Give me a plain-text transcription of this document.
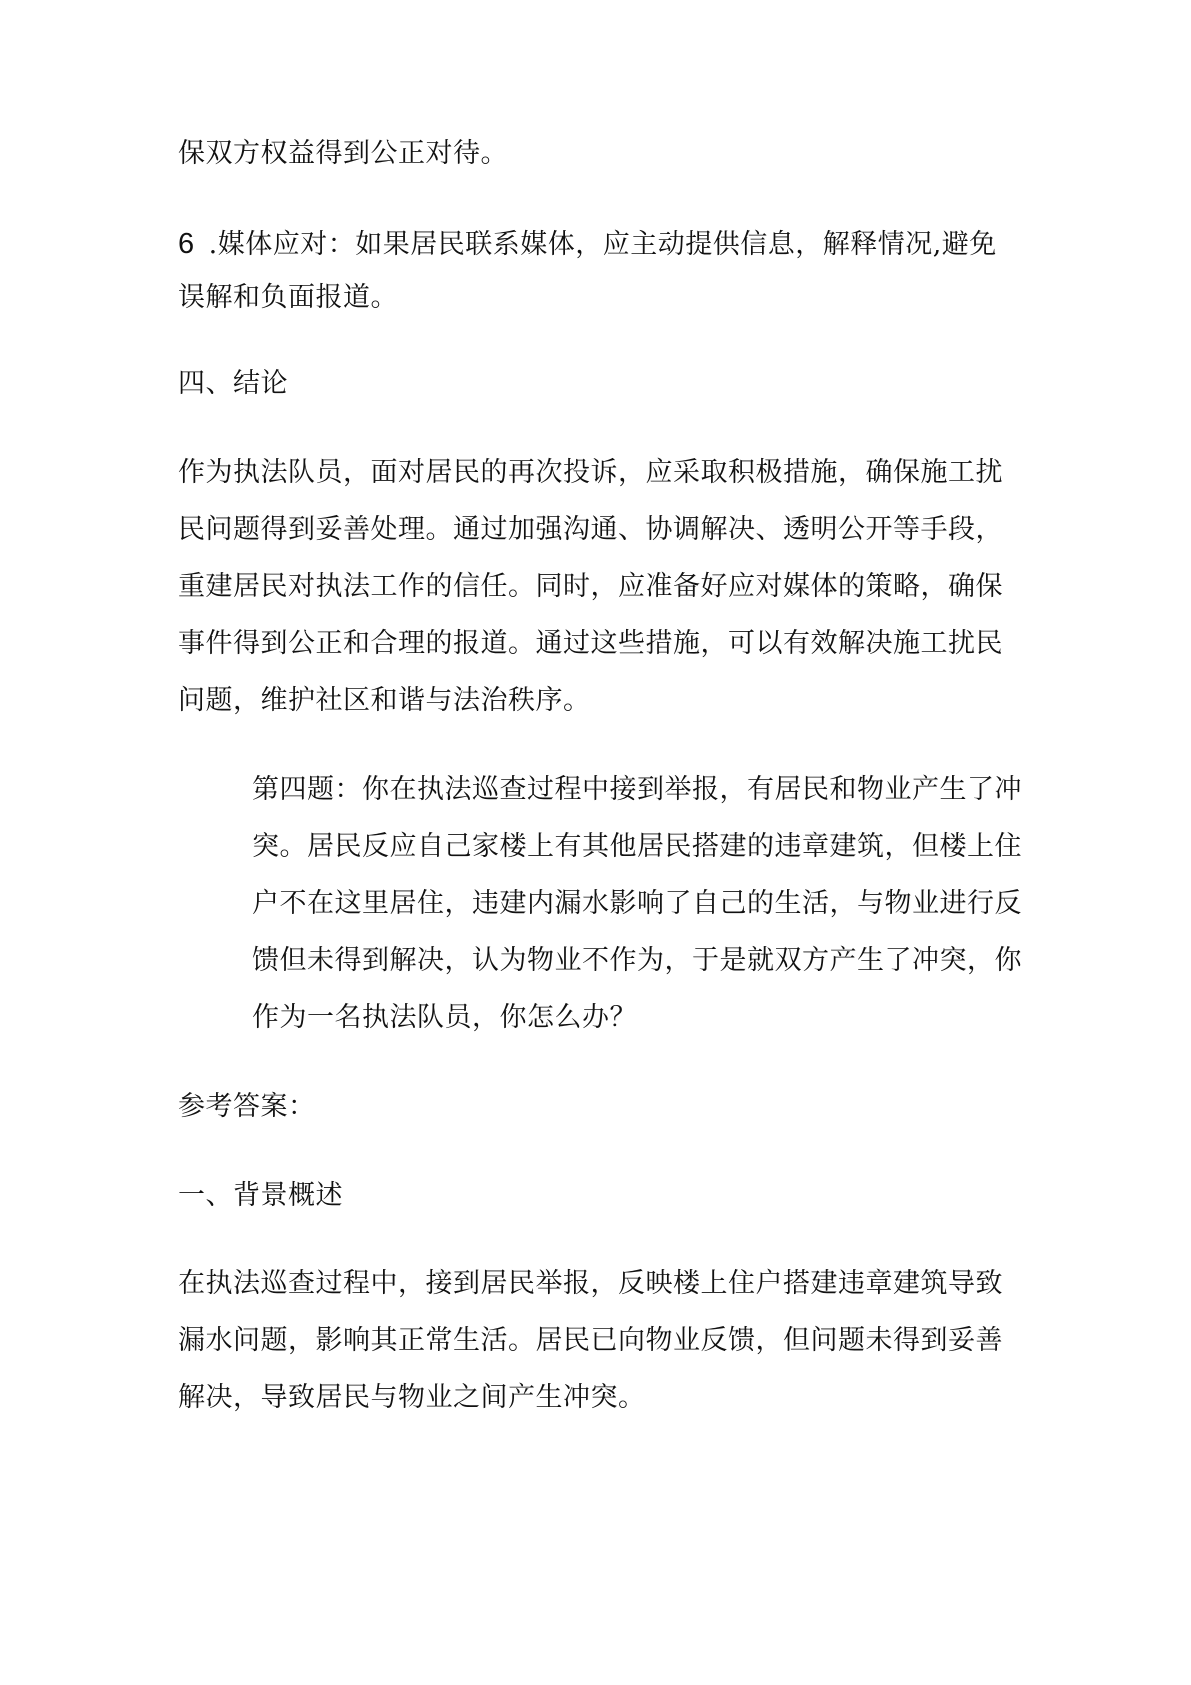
保双方权益得到公正对待。
6 .媒体应对：如果居民联系媒体，应主动提供信息，解释情况,避免
误解和负面报道。
四、结论
作为执法队员，面对居民的再次投诉，应采取积极措施，确保施工扰
民问题得到妥善处理。通过加强沟通、协调解决、透明公开等手段，
重建居民对执法工作的信任。同时，应准备好应对媒体的策略，确保
事件得到公正和合理的报道。通过这些措施，可以有效解决施工扰民
问题，维护社区和谐与法治秩序。
第四题：你在执法巡查过程中接到举报，有居民和物业产生了冲
突。居民反应自己家楼上有其他居民搭建的违章建筑，但楼上住
户不在这里居住，违建内漏水影响了自己的生活，与物业进行反
馈但未得到解决，认为物业不作为，于是就双方产生了冲突，你
作为一名执法队员，你怎么办？
参考答案：
一、背景概述
在执法巡查过程中，接到居民举报，反映楼上住户搭建违章建筑导致
漏水问题，影响其正常生活。居民已向物业反馈，但问题未得到妥善
解决，导致居民与物业之间产生冲突。
